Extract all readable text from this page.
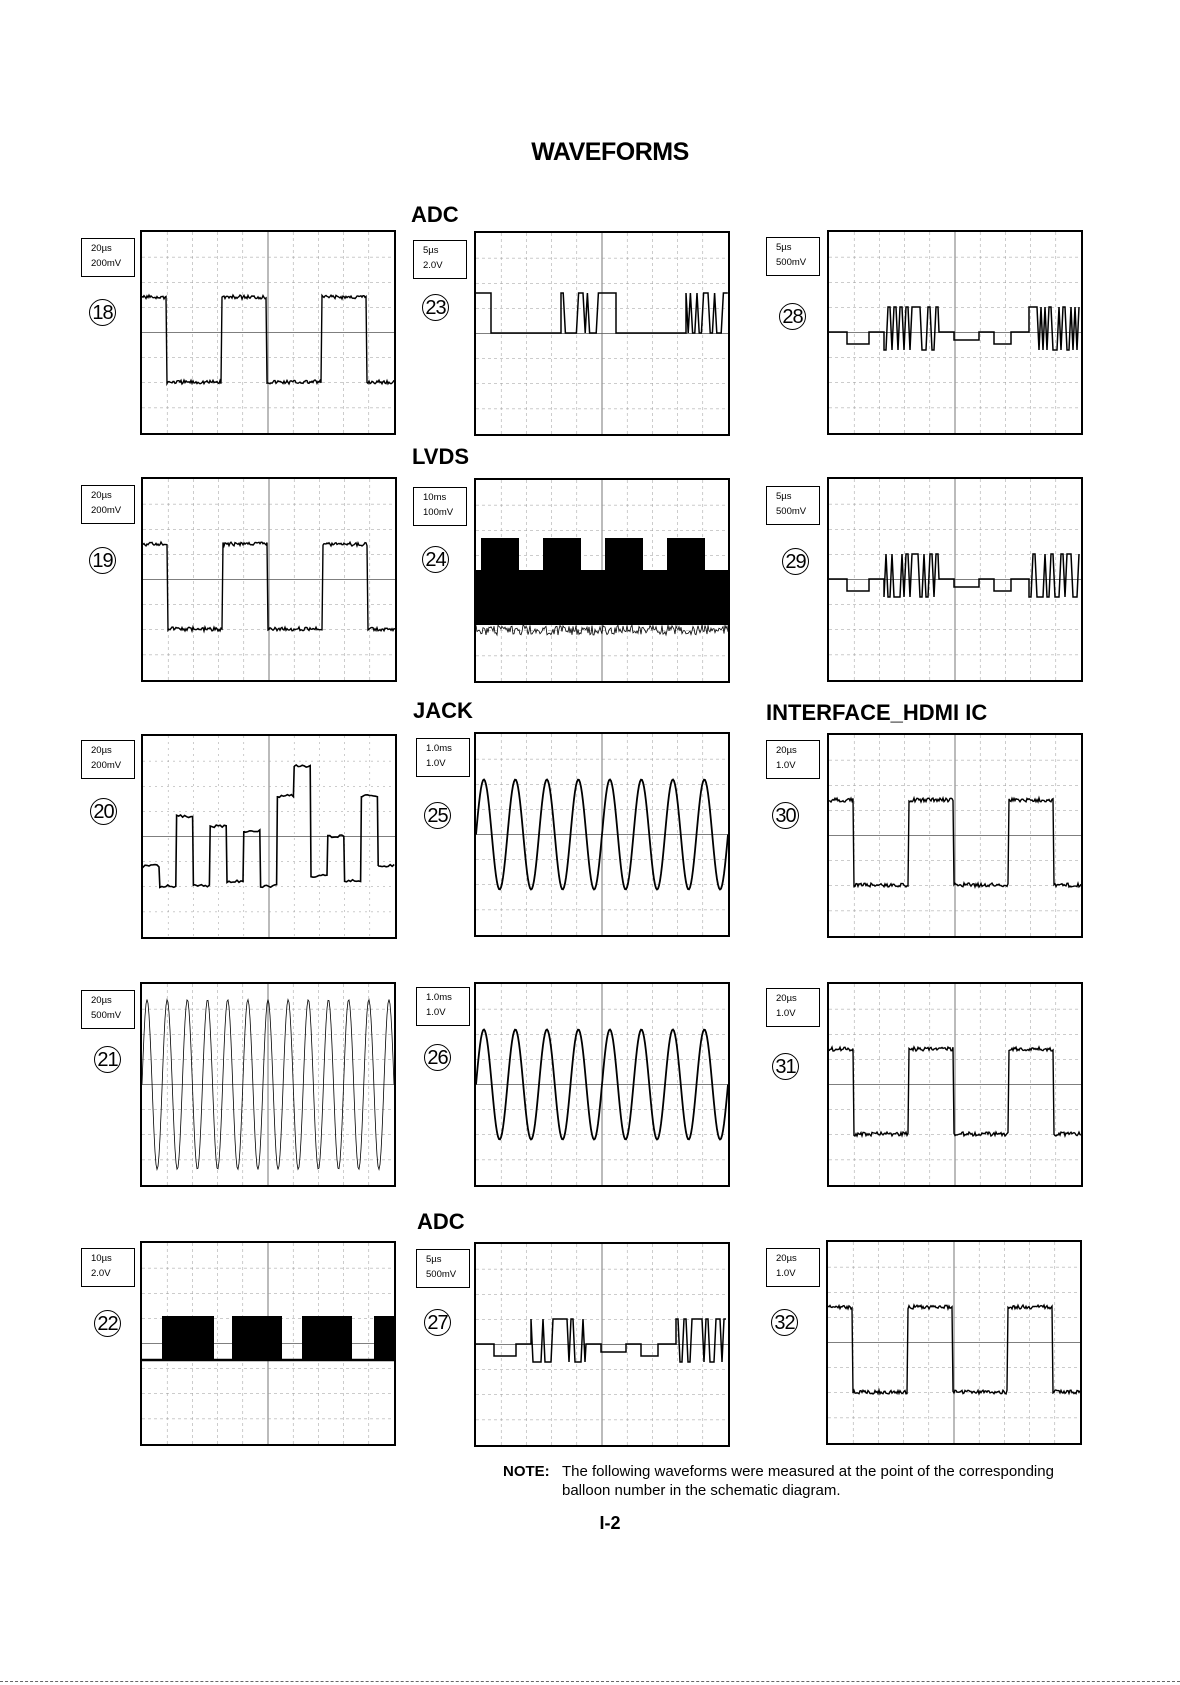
WAVEFORMS
ADC
LVDS
JACK	INTERFACE_HDMI IC
ADC
20µs
200mV
18
20µs
200mV
19
20µs
200mV
20
20µs
500mV
21
10µs
2.0V
22
5µs
2.0V
23
10ms
100mV
24
1.0ms
1.0V
25
1.0ms
1.0V
26
5µs
500mV
27
5µs
500mV
28
5µs
500mV
29
20µs
1.0V
30
20µs
1.0V
31
20µs
1.0V
32
NOTE: The following waveforms were measured at the point of the corresponding balloon number in the schematic diagram.
I-2
